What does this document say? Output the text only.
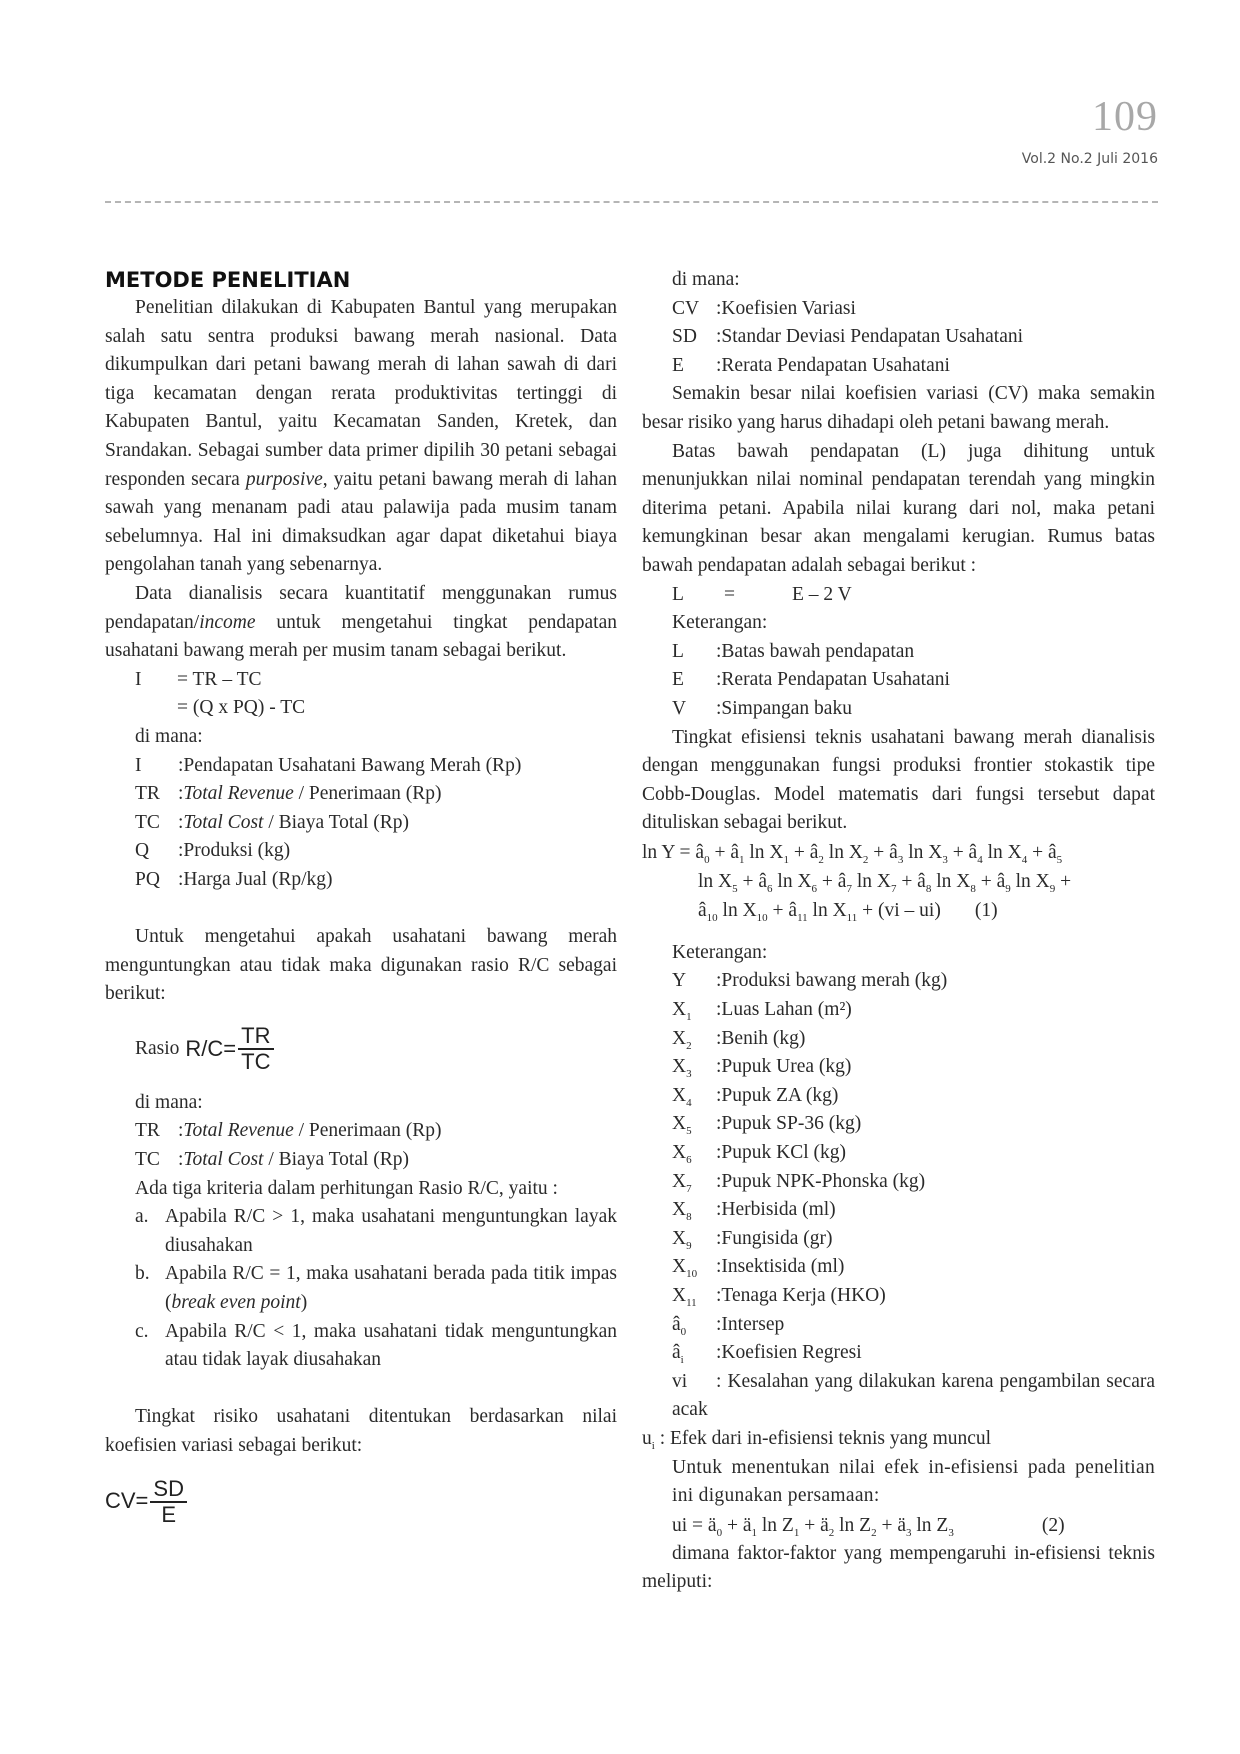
109
Vol.2 No.2 Juli 2016
METODE PENELITIAN

Penelitian dilakukan di Kabupaten Bantul yang merupakan salah satu sentra produksi bawang merah nasional. Data dikumpulkan dari petani bawang merah di lahan sawah di dari tiga kecamatan dengan rerata produktivitas tertinggi di Kabupaten Bantul, yaitu Kecamatan Sanden, Kretek, dan Srandakan. Sebagai sumber data primer dipilih 30 petani sebagai responden secara purposive, yaitu petani bawang merah di lahan sawah yang menanam padi atau palawija pada musim tanam sebelumnya. Hal ini dimaksudkan agar dapat diketahui biaya pengolahan tanah yang sebenarnya.

Data dianalisis secara kuantitatif menggunakan rumus pendapatan/income untuk mengetahui tingkat pendapatan usahatani bawang merah per musim tanam sebagai berikut.

I	= TR – TC
= (Q x PQ) - TC
di mana:
I	: Pendapatan Usahatani Bawang Merah (Rp)
TR : Total Revenue / Penerimaan (Rp)
TC : Total Cost / Biaya Total (Rp)
Q	: Produksi (kg)
PQ : Harga Jual (Rp/kg)

Untuk mengetahui apakah usahatani bawang merah menguntungkan atau tidak maka digunakan rasio R/C sebagai berikut:

Rasio $R/C= \frac{TR}{TC}$
di mana:
TR : Total Revenue / Penerimaan (Rp)
TC : Total Cost / Biaya Total (Rp)
Ada tiga kriteria dalam perhitungan Rasio R/C, yaitu :
a. Apabila R/C > 1, maka usahatani menguntungkan layak diusahakan
b. Apabila R/C = 1, maka usahatani berada pada titik impas (break even point)
c. Apabila R/C < 1, maka usahatani tidak menguntungkan atau tidak layak diusahakan

Tingkat risiko usahatani ditentukan berdasarkan nilai koefisien variasi sebagai berikut:

$CV= \frac{SD}{E}$
di mana:
CV : Koefisien Variasi
SD : Standar Deviasi Pendapatan Usahatani
E	: Rerata Pendapatan Usahatani

Semakin besar nilai koefisien variasi (CV) maka semakin besar risiko yang harus dihadapi oleh petani bawang merah.

Batas bawah pendapatan (L) juga dihitung untuk menunjukkan nilai nominal pendapatan terendah yang mingkin diterima petani. Apabila nilai kurang dari nol, maka petani kemungkinan besar akan mengalami kerugian. Rumus batas bawah pendapatan adalah sebagai berikut :

L	=	E – 2 V
Keterangan:
L	: Batas bawah pendapatan
E	: Rerata Pendapatan Usahatani
V	: Simpangan baku

Tingkat efisiensi teknis usahatani bawang merah dianalisis dengan menggunakan fungsi produksi frontier stokastik tipe Cobb-Douglas. Model matematis dari fungsi tersebut dapat dituliskan sebagai berikut.

$\ln Y = â_0$ + $â_1$ $\ln X_1$ + $â_2$ $\ln X_2$ + $â_3$ $\ln X_3$ + $â_4$ $\ln X_4$ + $â_5$
$\ln X_5$ + $â_6$ $\ln X_6$ + $â_7$ $\ln X_7$ + $â_8$ $\ln X_8$ + $â_9$ $\ln X_9$ +
$â_{10}$ $\ln X_{10}$ + $â_{11}$ $\ln X_{11} + (vi - ui)$ (1)
Keterangan:
Y	: Produksi bawang merah (kg)
$X_1$	: Luas Lahan (m²)
$X_2$	: Benih (kg)
$X_3$	: Pupuk Urea (kg)
$X_4$	: Pupuk ZA (kg)
$X_5$	: Pupuk SP-36 (kg)
$X_6$	: Pupuk KCl (kg)
$X_7$	: Pupuk NPK-Phonska (kg)
$X_8$	: Herbisida (ml)
$X_9$	: Fungisida (gr)
$X_{10}$ : Insektisida (ml)
$X_{11}$ : Tenaga Kerja (HKO)
$â_0$	: Intersep
$â_i$	: Koefisien Regresi
vi : Kesalahan yang dilakukan karena pengambilan secara acak
$u_i$ : Efek dari in-efisiensi teknis yang muncul

Untuk menentukan nilai efek in-efisiensi pada penelitian ini digunakan persamaan:

ui = $ä_0$ + $ä_1$ $\ln Z_1$ + $ä_2$ $\ln Z_2$ + $ä_3$ $\ln Z_3$	(2)

dimana faktor-faktor yang mempengaruhi in-efisiensi teknis meliputi:
